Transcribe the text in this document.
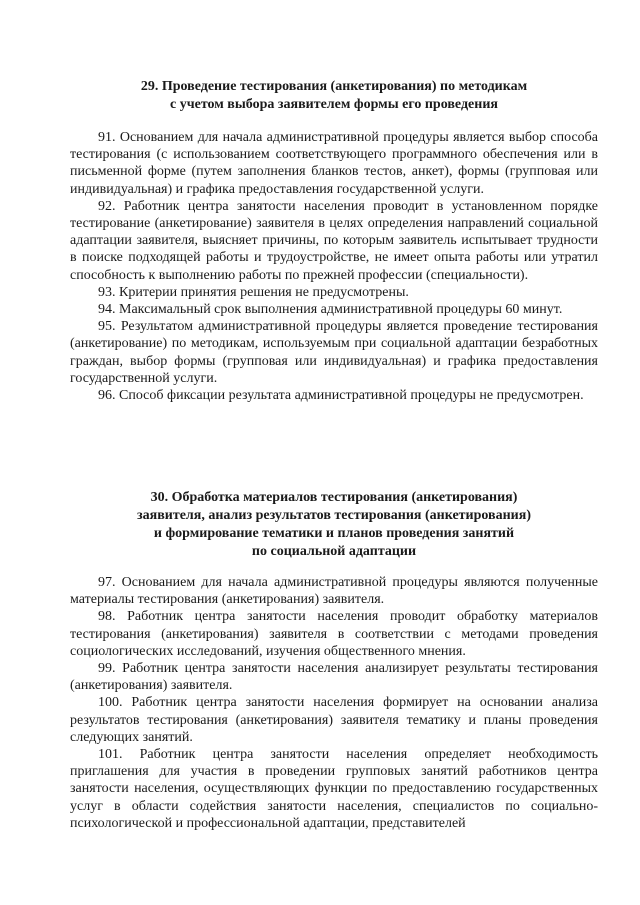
29. Проведение тестирования (анкетирования) по методикам
с учетом выбора заявителем формы его проведения

91. Основанием для начала административной процедуры является выбор способа тестирования (с использованием соответствующего программного обеспечения или в письменной форме (путем заполнения бланков тестов, анкет), формы (групповая или индивидуальная) и графика предоставления государственной услуги.

92. Работник центра занятости населения проводит в установленном порядке тестирование (анкетирование) заявителя в целях определения направлений социальной адаптации заявителя, выясняет причины, по которым заявитель испытывает трудности в поиске подходящей работы и трудоустройстве, не имеет опыта работы или утратил способность к выполнению работы по прежней профессии (специальности).

93. Критерии принятия решения не предусмотрены.

94. Максимальный срок выполнения административной процедуры 60 минут.

95. Результатом административной процедуры является проведение тестирования (анкетирование) по методикам, используемым при социальной адаптации безработных граждан, выбор формы (групповая или индивидуальная) и графика предоставления государственной услуги.

96. Способ фиксации результата административной процедуры не предусмотрен.

30. Обработка материалов тестирования (анкетирования)
заявителя, анализ результатов тестирования (анкетирования)
и формирование тематики и планов проведения занятий
по социальной адаптации

97. Основанием для начала административной процедуры являются полученные материалы тестирования (анкетирования) заявителя.

98. Работник центра занятости населения проводит обработку материалов тестирования (анкетирования) заявителя в соответствии с методами проведения социологических исследований, изучения общественного мнения.

99. Работник центра занятости населения анализирует результаты тестирования (анкетирования) заявителя.

100. Работник центра занятости населения формирует на основании анализа результатов тестирования (анкетирования) заявителя тематику и планы проведения следующих занятий.

101. Работник центра занятости населения определяет необходимость приглашения для участия в проведении групповых занятий работников центра занятости населения, осуществляющих функции по предоставлению государственных услуг в области содействия занятости населения, специалистов по социально-психологической и профессиональной адаптации, представителей
